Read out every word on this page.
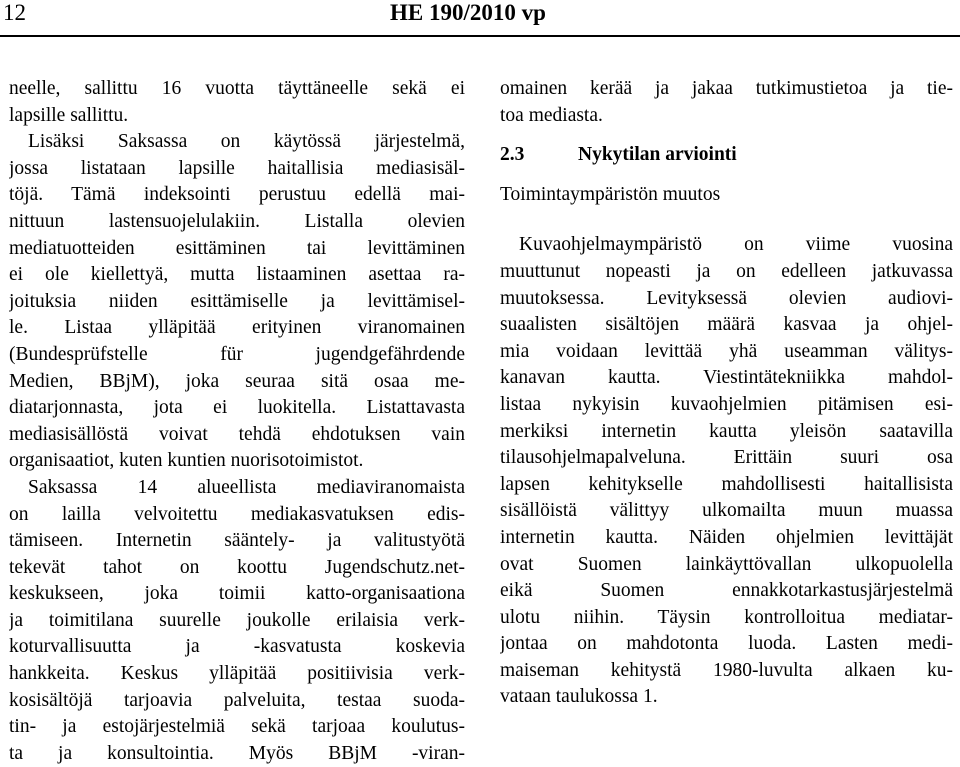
12	HE 190/2010 vp
neelle, sallittu 16 vuotta täyttäneelle sekä ei
lapsille sallittu.
Lisäksi Saksassa on käytössä järjestelmä,
jossa listataan lapsille haitallisia mediasisäl-
töjä. Tämä indeksointi perustuu edellä mai-
nittuun lastensuojelulakiin. Listalla olevien
mediatuotteiden esittäminen tai levittäminen
ei ole kiellettyä, mutta listaaminen asettaa ra-
joituksia niiden esittämiselle ja levittämisel-
le. Listaa ylläpitää erityinen viranomainen
(Bundesprüfstelle für jugendgefährdende
Medien, BBjM), joka seuraa sitä osaa me-
diatarjonnasta, jota ei luokitella. Listattavasta
mediasisällöstä voivat tehdä ehdotuksen vain
organisaatiot, kuten kuntien nuorisotoimistot.
Saksassa 14 alueellista mediaviranomaista
on lailla velvoitettu mediakasvatuksen edis-
tämiseen. Internetin sääntely- ja valitustyötä
tekevät tahot on koottu Jugendschutz.net-
keskukseen, joka toimii katto-organisaationa
ja toimitilana suurelle joukolle erilaisia verk-
koturvallisuutta ja -kasvatusta koskevia
hankkeita. Keskus ylläpitää positiivisia verk-
kosisältöjä tarjoavia palveluita, testaa suoda-
tin- ja estojärjestelmiä sekä tarjoaa koulutus-
ta ja konsultointia. Myös BBjM -viran-
omainen kerää ja jakaa tutkimustietoa ja tie-
toa mediasta.
2.3	Nykytilan arviointi
Toimintaympäristön muutos
Kuvaohjelmaympäristö on viime vuosina
muuttunut nopeasti ja on edelleen jatkuvassa
muutoksessa. Levityksessä olevien audiovi-
suaalisten sisältöjen määrä kasvaa ja ohjel-
mia voidaan levittää yhä useamman välitys-
kanavan kautta. Viestintätekniikka mahdol-
listaa nykyisin kuvaohjelmien pitämisen esi-
merkiksi internetin kautta yleisön saatavilla
tilausohjelmapalveluna. Erittäin suuri osa
lapsen kehitykselle mahdollisesti haitallisista
sisällöistä välittyy ulkomailta muun muassa
internetin kautta. Näiden ohjelmien levittäjät
ovat Suomen lainkäyttövallan ulkopuolella
eikä Suomen ennakkotarkastusjärjestelmä
ulotu niihin. Täysin kontrolloitua mediatar-
jontaa on mahdotonta luoda. Lasten medi-
maiseman kehitystä 1980-luvulta alkaen ku-
vataan taulukossa 1.
